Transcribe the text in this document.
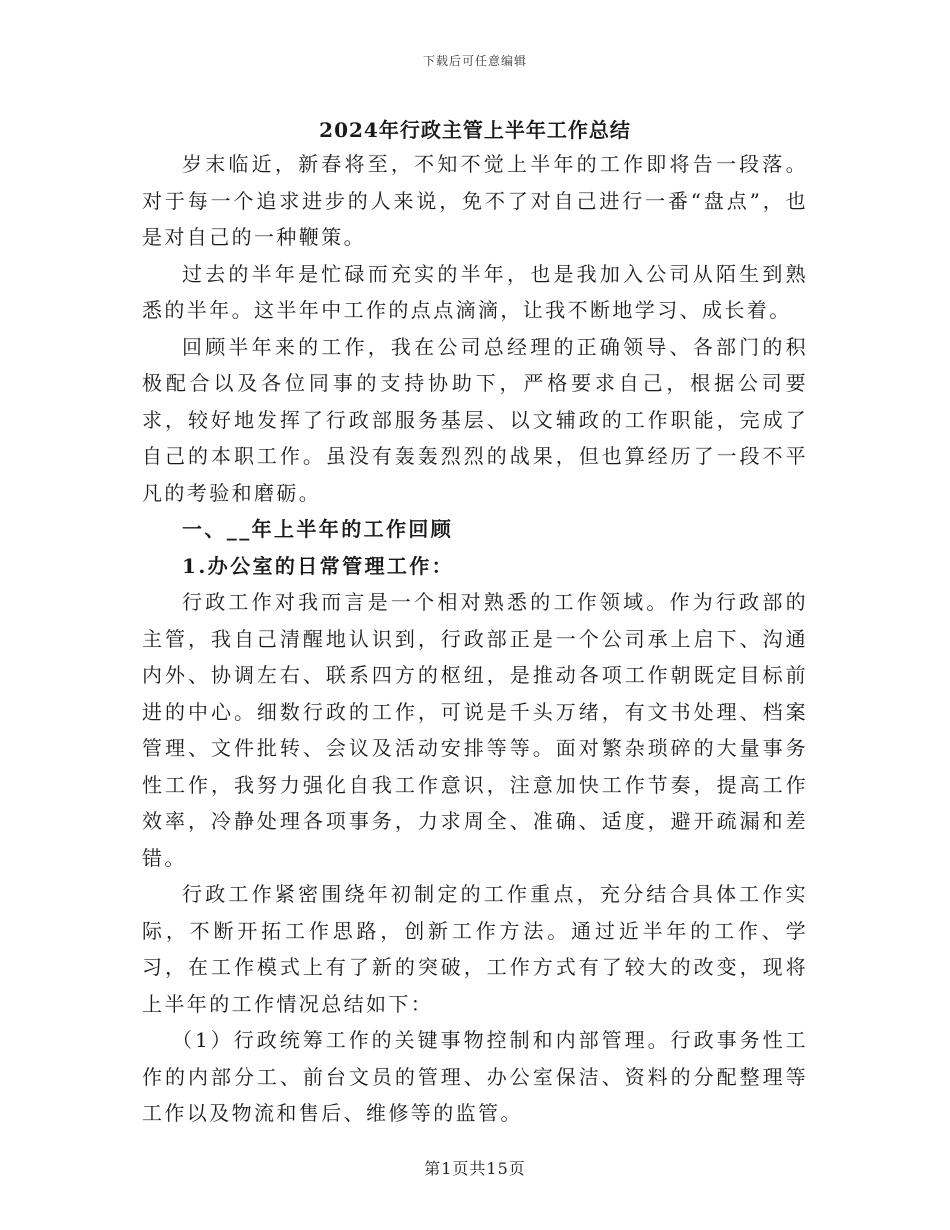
下载后可任意编辑
2024年行政主管上半年工作总结

岁末临近，新春将至，不知不觉上半年的工作即将告一段落。对于每一个追求进步的人来说，免不了对自己进行一番“盘点”，也是对自己的一种鞭策。

过去的半年是忙碌而充实的半年，也是我加入公司从陌生到熟悉的半年。这半年中工作的点点滴滴，让我不断地学习、成长着。

回顾半年来的工作，我在公司总经理的正确领导、各部门的积极配合以及各位同事的支持协助下，严格要求自己，根据公司要求，较好地发挥了行政部服务基层、以文辅政的工作职能，完成了自己的本职工作。虽没有轰轰烈烈的战果，但也算经历了一段不平凡的考验和磨砺。

一、__年上半年的工作回顾

1.办公室的日常管理工作：

行政工作对我而言是一个相对熟悉的工作领域。作为行政部的主管，我自己清醒地认识到，行政部正是一个公司承上启下、沟通内外、协调左右、联系四方的枢纽，是推动各项工作朝既定目标前进的中心。细数行政的工作，可说是千头万绪，有文书处理、档案管理、文件批转、会议及活动安排等等。面对繁杂琐碎的大量事务性工作，我努力强化自我工作意识，注意加快工作节奏，提高工作效率，冷静处理各项事务，力求周全、准确、适度，避开疏漏和差错。

行政工作紧密围绕年初制定的工作重点，充分结合具体工作实际，不断开拓工作思路，创新工作方法。通过近半年的工作、学习，在工作模式上有了新的突破，工作方式有了较大的改变，现将上半年的工作情况总结如下：

（1）行政统筹工作的关键事物控制和内部管理。行政事务性工作的内部分工、前台文员的管理、办公室保洁、资料的分配整理等工作以及物流和售后、维修等的监管。

第1页共15页
